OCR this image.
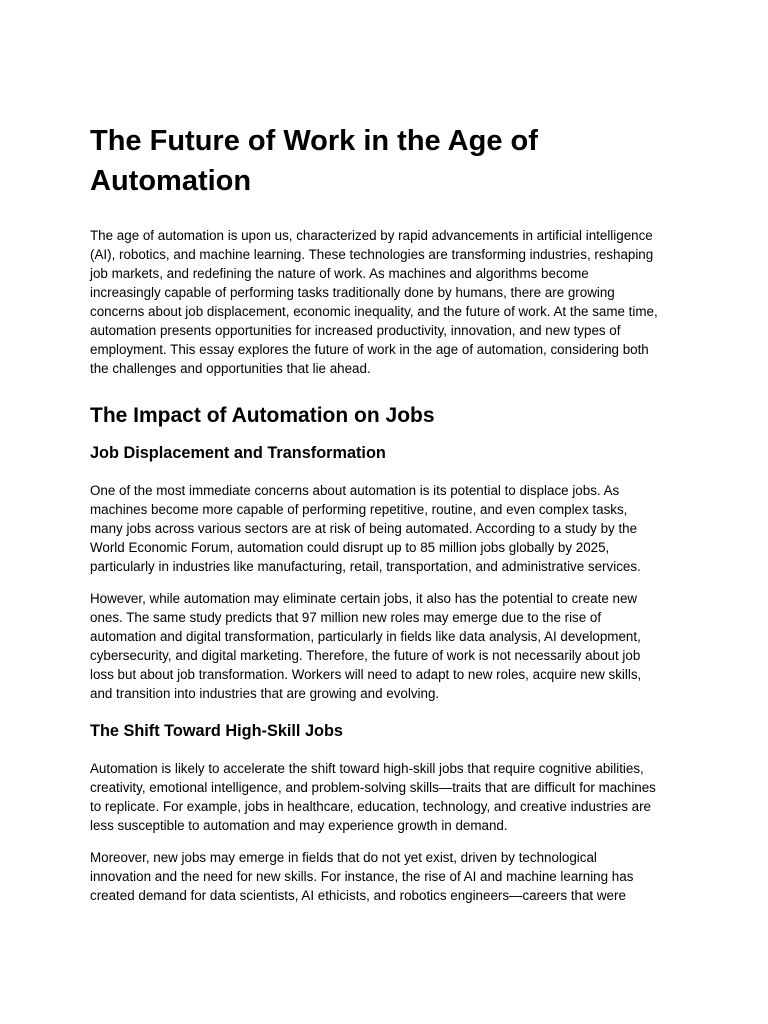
The Future of Work in the Age of Automation

The age of automation is upon us, characterized by rapid advancements in artificial intelligence (AI), robotics, and machine learning. These technologies are transforming industries, reshaping job markets, and redefining the nature of work. As machines and algorithms become increasingly capable of performing tasks traditionally done by humans, there are growing concerns about job displacement, economic inequality, and the future of work. At the same time, automation presents opportunities for increased productivity, innovation, and new types of employment. This essay explores the future of work in the age of automation, considering both the challenges and opportunities that lie ahead.

The Impact of Automation on Jobs
Job Displacement and Transformation

One of the most immediate concerns about automation is its potential to displace jobs. As machines become more capable of performing repetitive, routine, and even complex tasks, many jobs across various sectors are at risk of being automated. According to a study by the World Economic Forum, automation could disrupt up to 85 million jobs globally by 2025, particularly in industries like manufacturing, retail, transportation, and administrative services.

However, while automation may eliminate certain jobs, it also has the potential to create new ones. The same study predicts that 97 million new roles may emerge due to the rise of automation and digital transformation, particularly in fields like data analysis, AI development, cybersecurity, and digital marketing. Therefore, the future of work is not necessarily about job loss but about job transformation. Workers will need to adapt to new roles, acquire new skills, and transition into industries that are growing and evolving.

The Shift Toward High-Skill Jobs

Automation is likely to accelerate the shift toward high-skill jobs that require cognitive abilities, creativity, emotional intelligence, and problem-solving skills—traits that are difficult for machines to replicate. For example, jobs in healthcare, education, technology, and creative industries are less susceptible to automation and may experience growth in demand.

Moreover, new jobs may emerge in fields that do not yet exist, driven by technological innovation and the need for new skills. For instance, the rise of AI and machine learning has created demand for data scientists, AI ethicists, and robotics engineers—careers that were
